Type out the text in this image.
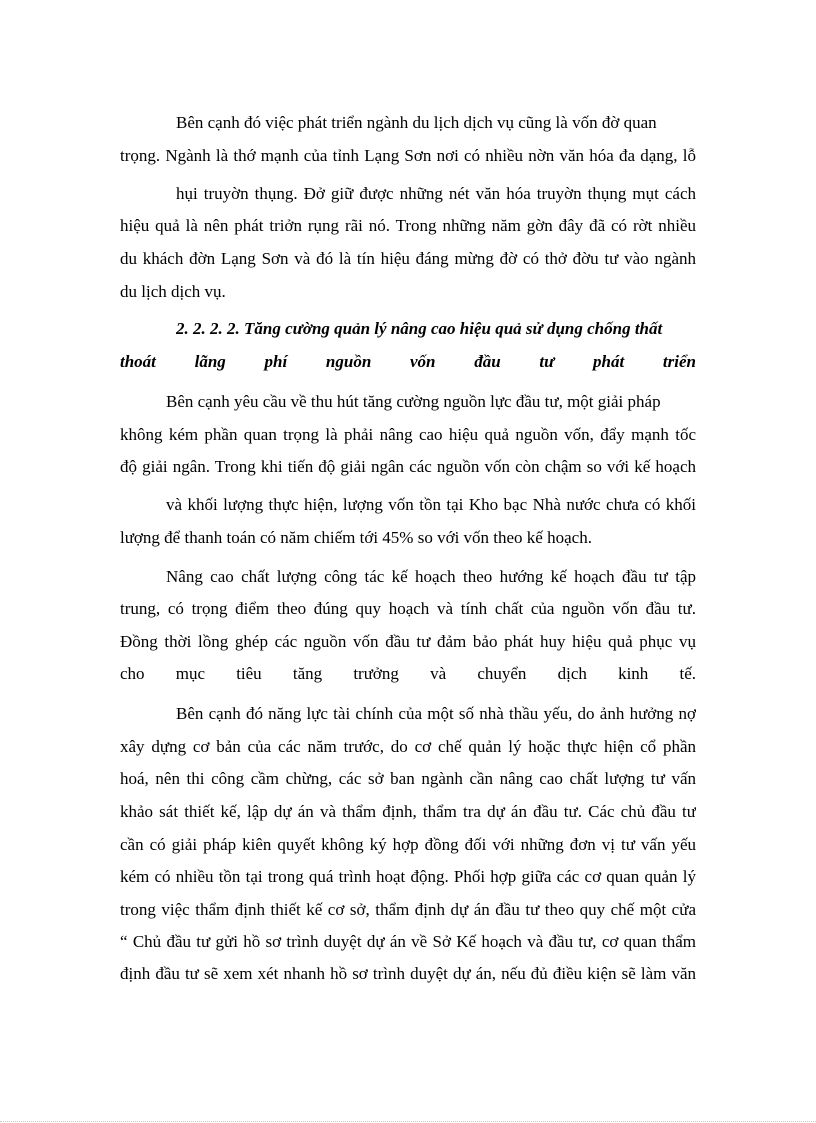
Bên cạnh đó việc phát triển ngành du lịch dịch vụ cũng là vốn đờ quan
trọng. Ngành là thớ mạnh của tỉnh Lạng Sơn nơi có nhiều nờn văn hóa đa dạng, lỗ
hụi truyờn thụng. Đở giữ được những nét văn hóa truyờn thụng mụt cách
hiệu quả là nên phát triởn rụng rãi nó. Trong những năm gờn đây đã có rờt nhiều
du khách đờn Lạng Sơn và đó là tín hiệu đáng mừng đờ có thở đờu tư vào ngành
du lịch dịch vụ.
2. 2. 2. 2. Tăng cường quản lý nâng cao hiệu quả sử dụng chống thất
thoát lãng phí nguồn vốn đầu tư phát triển
Bên cạnh yêu cầu về thu hút tăng cường nguồn lực đầu tư, một giải pháp
không kém phần quan trọng là phải nâng cao hiệu quả nguồn vốn, đẩy mạnh tốc
độ giải ngân. Trong khi tiến độ giải ngân các nguồn vốn còn chậm so với kế hoạch
và khối lượng thực hiện, lượng vốn tồn tại Kho bạc Nhà nước chưa có khối
lượng để thanh toán có năm chiếm tới 45% so với vốn theo kế hoạch.
Nâng cao chất lượng công tác kế hoạch theo hướng kế hoạch đầu tư tập
trung, có trọng điểm theo đúng quy hoạch và tính chất của nguồn vốn đầu tư.
Đồng thời lồng ghép các nguồn vốn đầu tư đảm bảo phát huy hiệu quả phục vụ
cho mục tiêu tăng trưởng và chuyển dịch kinh tế.
Bên cạnh đó năng lực tài chính của một số nhà thầu yếu, do ảnh hưởng nợ
xây dựng cơ bản của các năm trước, do cơ chế quản lý hoặc thực hiện cổ phần
hoá, nên thi công cầm chừng, các sở ban ngành cần nâng cao chất lượng tư vấn
khảo sát thiết kế, lập dự án và thẩm định, thẩm tra dự án đầu tư. Các chủ đầu tư
cần có giải pháp kiên quyết không ký hợp đồng đối với những đơn vị tư vấn yếu
kém có nhiều tồn tại trong quá trình hoạt động. Phối hợp giữa các cơ quan quản lý
trong việc thẩm định thiết kế cơ sở, thẩm định dự án đầu tư theo quy chế một cửa
“ Chủ đầu tư gửi hồ sơ trình duyệt dự án về Sở Kế hoạch và đầu tư, cơ quan thẩm
định đầu tư sẽ xem xét nhanh hồ sơ trình duyệt dự án, nếu đủ điều kiện sẽ làm văn
